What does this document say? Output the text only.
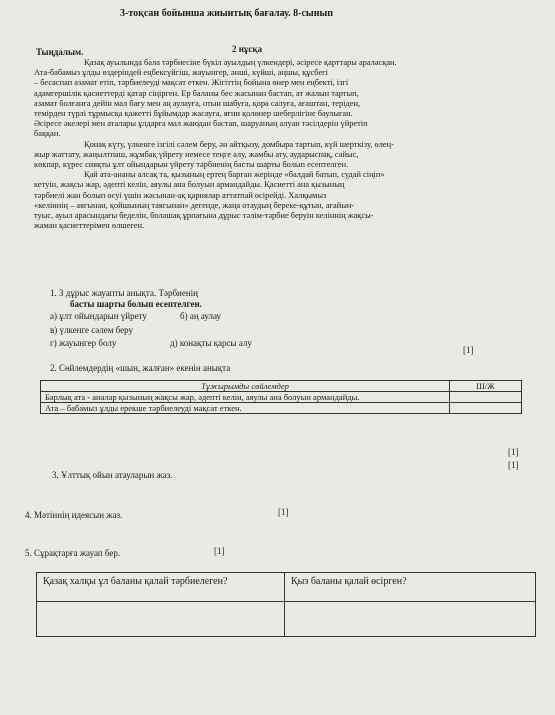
3-тоқсан бойынша жиынтық бағалау. 8-сынып
Тыңдалым.	2 нұсқа
Қазақ ауылында бала тәрбиесіне бүкіл ауылдың үлкендері, әсіресе қарттары араласқан.
Ата-бабамыз ұлды өздеріндей еңбексүйгіш, жауынгер, әнші, күйші, аңшы, құсбегі
– бесаспап азамат етіп, тәрбиелеуді мақсат еткен. Жігіттің бойына өнер мен еңбекті, ізгі
адамгершілік қасиеттерді қатар сіңірген. Ер баланы бес жасынан бастап, ат жалын тартып,
азамат болғанға дейін мал бағу мен аң аулауға, отын шабуға, қора салуға, ағаштан, теріден,
темірден түрлі тұрмысқа қажетті бұйымдар жасауға, яғни қолөнер шеберлігіне баулыған.
Әсіресе әкелері мен аталары ұлдарға мал жаюдан бастап, шаруаның алуан тәсілдерін үйретіп
баққан.
Қонақ күту, үлкенге ізгілі сәлем беру, ән айтқызу, домбыра тартып, күй шерткізу, өлең-
жыр жаттату, жаңылтпаш, жұмбақ үйрету немесе теңге алу, жамбы ату, аударыспақ, сайыс,
көкпар, күрес сияқты ұлт ойындарын үйрету тәрбиенің басты шарты болып есептелген.
Қай ата-ананы алсақ та, қызының ертең барған жерінде «балдай батып, судай сіңіп»
кетуін, жақсы жар, әдепті келін, аяулы ана болуын армандайды. Қасиетті ана қызының
тәрбиелі жан болып өсуі үшін жасынан-ақ қариялар аттатпай өсірейді. Халқымыз
«келіннің – аягынан, қойшының таягынан» дегенде, жаңа отаудың береке-құтын, ағайын-
туыс, ауыл арасындағы беделін, болашақ ұрпағына дұрыс тәлім-тәрбие беруін келіннің жақсы-
жаман қасиеттерімен өлшеген.
1. 3 дұрыс жауапты анықта. Тәрбиенің
басты шарты болып есептелген.
а) ұлт ойындарын үйрету	б) аң аулау
в) үлкенге сәлем беру
г) жауынгер болу	д) конақты қарсы алу
[1]
2. Сөйлемдердің «шын, жалған» екенін анықта
Тұжырымды сөйлемдер	Ш/Ж
Барлық ата - аналар қызының жақсы жар, әдепті келін, аяулы ана болуын армандайды.	
Ата – бабамыз ұлды ерекше тәрбиелеуді мақсат еткен.	
[1]
[1]
3. Ұлттық ойын атауларын жаз.
4. Мәтіннің идеясын жаз.	[1]
5. Сұрақтарға жауап бер.	[1]
Қазақ халқы ұл баланы қалай тәрбиелеген?	Қыз баланы қалай өсірген?
